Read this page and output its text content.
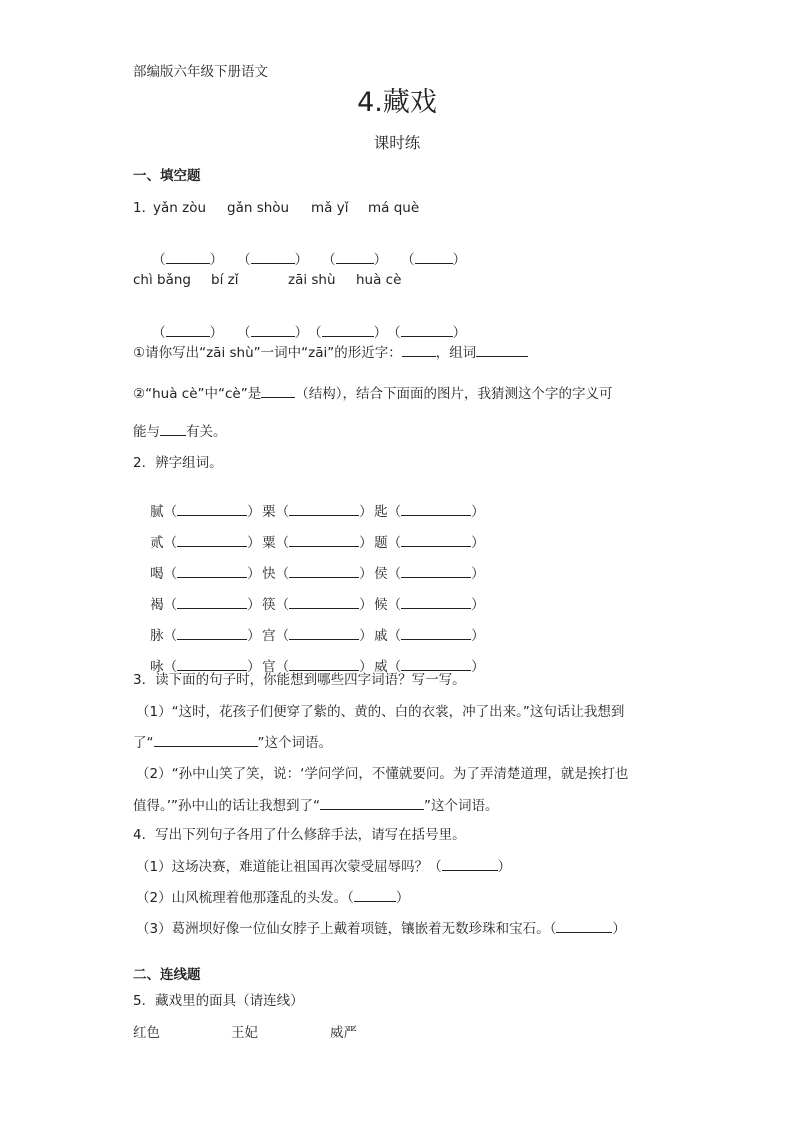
部编版六年级下册语文
4.藏戏
课时练
一、填空题
1．
yǎn zòu gǎn shòu mǎ yǐ má què

（	） （	） （	） （	）

chì bǎng bí zǐ	zāi shù huà cè

（	） （	）（	）（	）

①请你写出“zāi shù”一词中“zāi”的形近字：	，组词
②“huà cè”中“cè”是	（结构），结合下面面的图片，我猜测这个字的字义可
能与 有关。
2．辨字组词。

腻（	） 栗（	） 匙（	）

贰（	） 粟（	） 题（	）

喝（	） 快（	） 侯（	）

褐（	） 筷（	） 候（	）

脉（	） 宫（	） 戚（	）

咏（	） 官（	） 威（	）

3．读下面的句子时，你能想到哪些四字词语？写一写。
（1）“这时，花孩子们便穿了紫的、黄的、白的衣裳，冲了出来。”这句话让我想到
了“	”这个词语。
（2）“孙中山笑了笑，说：‘学问学问，不懂就要问。为了弄清楚道理，就是挨打也
值得。’”孙中山的话让我想到了“	”这个词语。
4．写出下列句子各用了什么修辞手法，请写在括号里。
（1）这场决赛，难道能让祖国再次蒙受屈辱吗？（	）
（2）山风梳理着他那蓬乱的头发。（	）
（3）葛洲坝好像一位仙女脖子上戴着项链，镶嵌着无数珍珠和宝石。（	）
二、连线题
5．藏戏里的面具（请连线）
红色	王妃	威严
